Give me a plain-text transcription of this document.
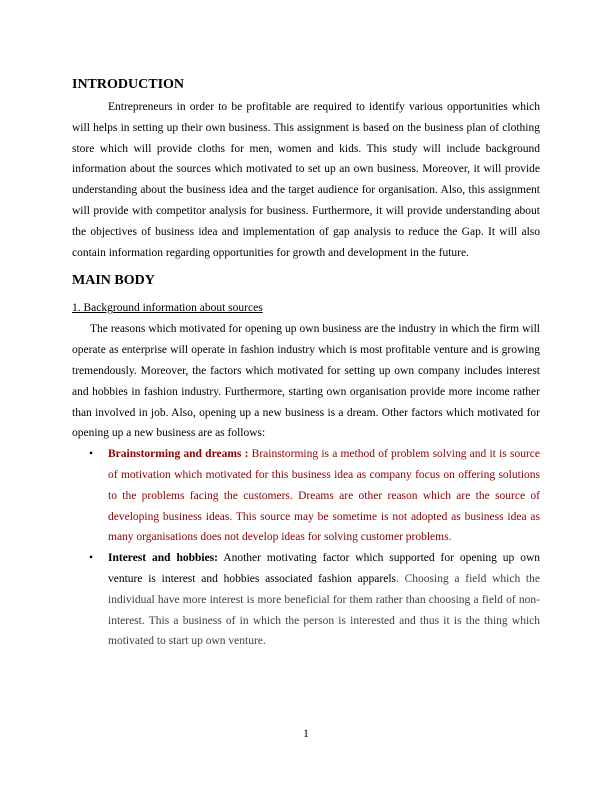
INTRODUCTION

Entrepreneurs in order to be profitable are required to identify various opportunities which will helps in setting up their own business. This assignment is based on the business plan of clothing store which will provide cloths for men, women and kids. This study will include background information about the sources which motivated to set up an own business. Moreover, it will provide understanding about the business idea and the target audience for organisation. Also, this assignment will provide with competitor analysis for business. Furthermore, it will provide understanding about the objectives of business idea and implementation of gap analysis to reduce the Gap. It will also contain information regarding opportunities for growth and development in the future.

MAIN BODY
1. Background information about sources

The reasons which motivated for opening up own business are the industry in which the firm will operate as enterprise will operate in fashion industry which is most profitable venture and is growing tremendously. Moreover, the factors which motivated for setting up own company includes interest and hobbies in fashion industry. Furthermore, starting own organisation provide more income rather than involved in job. Also, opening up a new business is a dream. Other factors which motivated for opening up a new business are as follows:

• Brainstorming and dreams : Brainstorming is a method of problem solving and it is source of motivation which motivated for this business idea as company focus on offering solutions to the problems facing the customers. Dreams are other reason which are the source of developing business ideas. This source may be sometime is not adopted as business idea as many organisations does not develop ideas for solving customer problems.

• Interest and hobbies: Another motivating factor which supported for opening up own venture is interest and hobbies associated fashion apparels. Choosing a field which the individual have more interest is more beneficial for them rather than choosing a field of non- interest. This a business of in which the person is interested and thus it is the thing which motivated to start up own venture.

1
